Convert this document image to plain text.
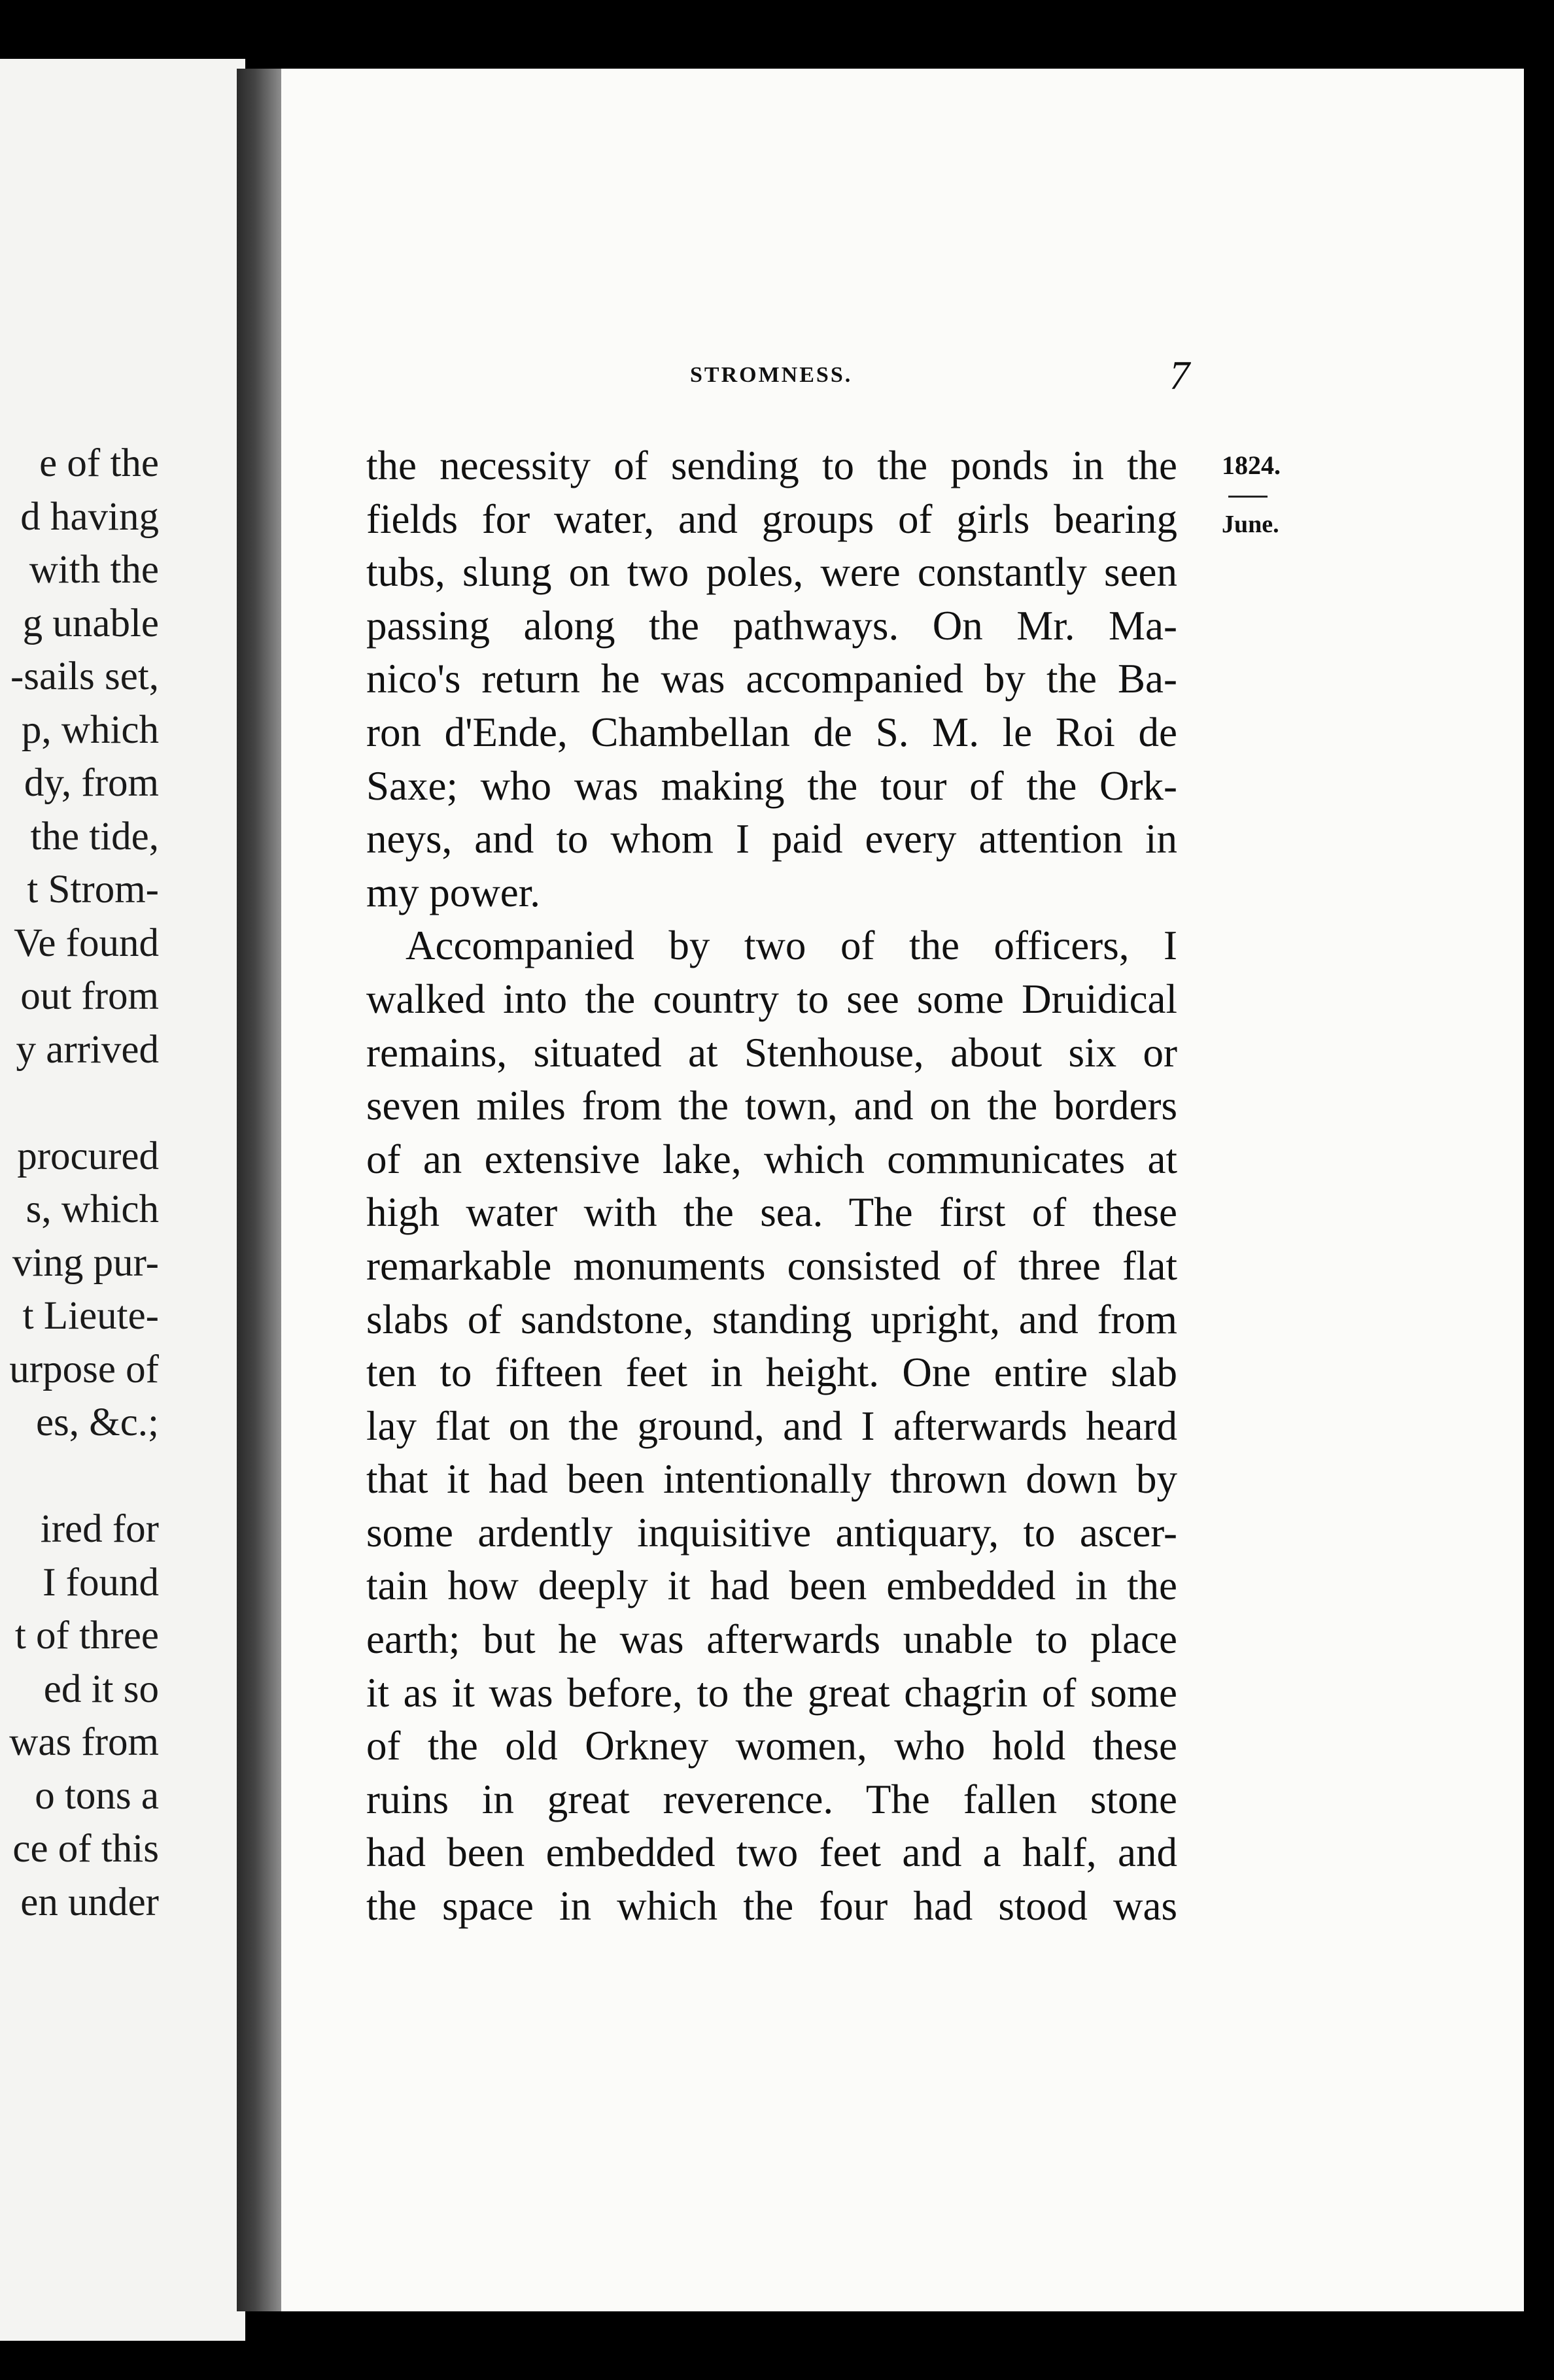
e of the
d having
with the
g unable
-sails set,
p, which
dy, from
the tide,
t Strom-
Ve found
out from
y arrived
procured
s, which
ving pur-
t Lieute-
urpose of
es, &c.;
ired for
I found
t of three
ed it so
was from
o tons a
ce of this
en under
STROMNESS.	7
1824.
June.
the necessity of sending to the ponds in the
fields for water, and groups of girls bearing
tubs, slung on two poles, were constantly seen
passing along the pathways. On Mr. Ma-
nico's return he was accompanied by the Ba-
ron d'Ende, Chambellan de S. M. le Roi de
Saxe; who was making the tour of the Ork-
neys, and to whom I paid every attention in
my power.
Accompanied by two of the officers, I
walked into the country to see some Druidical
remains, situated at Stenhouse, about six or
seven miles from the town, and on the borders
of an extensive lake, which communicates at
high water with the sea. The first of these
remarkable monuments consisted of three flat
slabs of sandstone, standing upright, and from
ten to fifteen feet in height. One entire slab
lay flat on the ground, and I afterwards heard
that it had been intentionally thrown down by
some ardently inquisitive antiquary, to ascer-
tain how deeply it had been embedded in the
earth; but he was afterwards unable to place
it as it was before, to the great chagrin of some
of the old Orkney women, who hold these
ruins in great reverence. The fallen stone
had been embedded two feet and a half, and
the space in which the four had stood was
